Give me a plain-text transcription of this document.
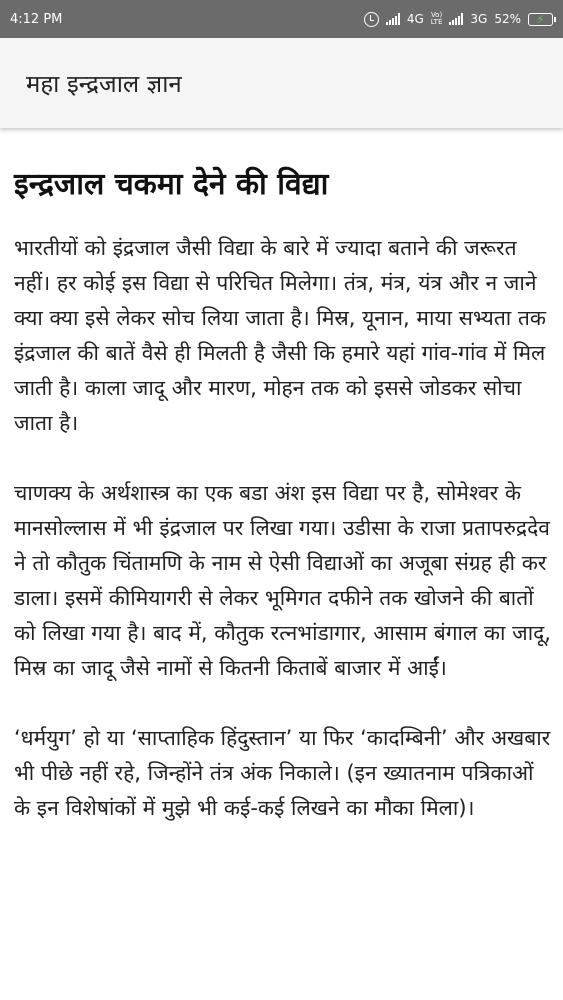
4:12 PM	4G Vo)
LTE 3G 52% ⚡
महा इन्द्रजाल ज्ञान
इन्द्रजाल चकमा देने की विद्या

भारतीयों को इंद्रजाल जैसी विद्या के बारे में ज्यादा बताने की जरूरत नहीं। हर कोई इस विद्या से परिचित मिलेगा। तंत्र, मंत्र, यंत्र और न जाने क्या क्या इसे लेकर सोच लिया जाता है। मिस्र, यूनान, माया सभ्यता तक इंद्रजाल की बातें वैसे ही मिलती है जैसी कि हमारे यहां गांव-गांव में मिल जाती है। काला जादू और मारण, मोहन तक को इससे जोडकर सोचा जाता है।

चाणक्य के अर्थशास्त्र का एक बडा अंश इस विद्या पर है, सोमेश्वर के मानसोल्लास में भी इंद्रजाल पर लिखा गया। उडीसा के राजा प्रतापरुद्रदेव ने तो कौतुक चिंतामणि के नाम से ऐसी विद्याओं का अजूबा संग्रह ही कर डाला। इसमें कीमियागरी से लेकर भूमिगत दफीने तक खोजने की बातों को लिखा गया है। बाद में, कौतुक रत्नभांडागार, आसाम बंगाल का जादू, मिस्र का जादू जैसे नामों से कितनी किताबें बाजार में आईं।

‘धर्मयुग’ हो या ‘साप्ताहिक हिंदुस्तान’ या फिर ‘कादम्बिनी’ और अखबार भी पीछे नहीं रहे, जिन्होंने तंत्र अंक निकाले। (इन ख्यातनाम पत्रिकाओं के इन विशेषांकों में मुझे भी कई-कई लिखने का मौका मिला)।
